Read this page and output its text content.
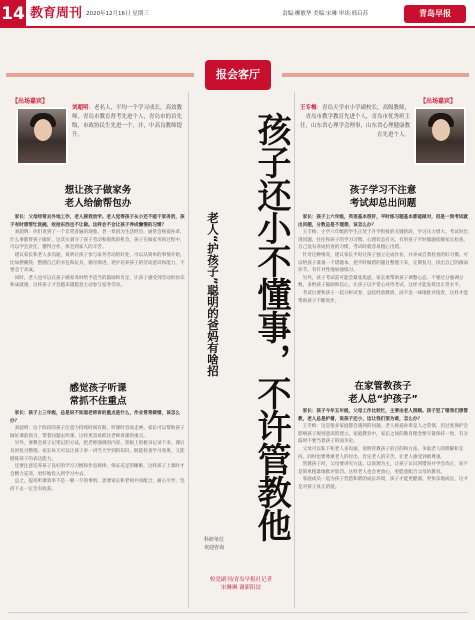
14 教育周刊 2020年12月16日 星期三	责编:柳敏华 美编:宋琳 审读:邢启苏	青岛早报
报会客厅
【出场嘉宾】
刘超明：老名人，平均一个学习成长，高效教师，青岛市教育督考先进个人，青岛市的首先级，市政协民生先进一个，并，中高良教师提升。
想让孩子做家务
老人给偷帮包办

家长：父母经常去外地工作，老人接我放学。老人觉得孩子从小还不能干家务活，孩子有时想帮忙洗碗、收拾东西也不让做。这样会不会让孩子养成懒惰的习惯？

刘超明：你们说到了一个非常普遍的现象。老一辈因为生活经历，通常会疼爱孙辈，什么事都替孩子做好，这其实剥夺了孩子劳动和锻炼的机会。孩子在做家务的过程中，可以学会责任、懂得合作，体会到家人的辛苦。

建议家长和老人多沟通，说明让孩子参与家务劳动的好处，可以从简单的事情开始，比如摆碗筷、整理自己的书包和玩具，循序渐进，逐步培养孩子的劳动意识和能力，不要急于求成。

同时，老人也可以在孩子做家务时给予适当的鼓励和肯定，让孩子感受到劳动的快乐和成就感，这样孩子才会越来越愿意主动参与家务劳动。

感觉孩子听课
常抓不住重点

家长：孩子上三年级，总是说不知道老师讲的重点是什么，作业常常做错，该怎么办？

刘超明：这个阶段的孩子注意力持续时间有限，听课时容易走神。家长可以帮助孩子做好课前预习，带着问题去听课，这样更容易抓住老师讲课的重点。

另外，要教会孩子记笔记的方法，把老师强调的内容、黑板上的板书记录下来，课后及时复习整理。家长每天可以让孩子讲一讲当天学到的知识，既能检查学习效果，又能锻炼孩子的表达能力。

还要注意培养孩子良好的学习习惯和作息规律，保证充足的睡眠，这样孩子上课时才会精力充沛，更好地投入到学习中去。

总之，提高听课效率不是一朝一夕的事情，需要家长和老师共同配合，耐心引导，坚持下去一定会有收获。	孩子还小不懂事，不许管教他
老人“护孩子”聪明的爸妈有啥招
科研单位
欢迎咨询
校党副刊/青岛早报社记者
宋琳琳 谢新阳谊
【出场嘉宾】
王专梅：青岛天学市小学副校长，高级教师，青岛市教学教育先进个人，青岛市优秀班主任，山东省心理学会理事，山东省心理健康教育先进个人。
孩子学习不注意
考试却总出问题

家长：孩子上六年级，英语基本很好，平时练习题基本都能做对，但是一到考试就出问题，分数总是不理想，该怎么办？

王专梅：小学六年级的学生正处于升学衔接的关键阶段，学习压力增大。考试时出现问题，往往和孩子的学习习惯、心理状态有关。有的孩子平时做题依赖家长检查，自己没有养成检查的习惯，考试时就容易粗心出错。

针对这种情况，建议家长平时让孩子独立完成作业，并养成自我检查的好习惯。可以给孩子准备一个错题本，把平时做错的题目整理下来，定期复习，找出自己的薄弱环节，有针对性地加强练习。

另外，孩子考试前可能会紧张焦虑，家长要帮助孩子调整心态，不要过分强调分数，多给孩子鼓励和信心，让孩子以平常心对待考试，这样才能发挥出正常水平。

考试后要和孩子一起分析试卷，总结经验教训，而不是一味地批评指责，这样才能帮助孩子不断进步。

在家管教孩子
老人总“护孩子”

家长：孩子今年五年级，父母工作比较忙，主要由老人照顾。孩子犯了错我们想管教，老人总是护着，说孩子还小，这让我们很为难，怎么办？

王专梅：这是很多家庭都会遇到的问题。老人疼爱孙辈是人之常情，但过度保护会影响孩子规则意识的建立。家庭教育中，家长之间的教育理念要尽量保持一致，有分歧时不要当着孩子的面争论。

父母可以私下和老人多沟通，说明管教孩子的目的和方法，争取老人的理解和支持。同时也要尊重老人的付出，肯定老人的辛苦，让老人感受到被尊重。

管教孩子时，父母要讲究方法，以说理为主，让孩子认识到错误并学会改正，而不是简单粗暴地批评惩罚。这样老人也会更放心，更愿意配合父母的教育。

家庭成员一起为孩子营造和谐的成长环境，孩子才能更健康、更快乐地成长，这才是对孩子真正的爱。
